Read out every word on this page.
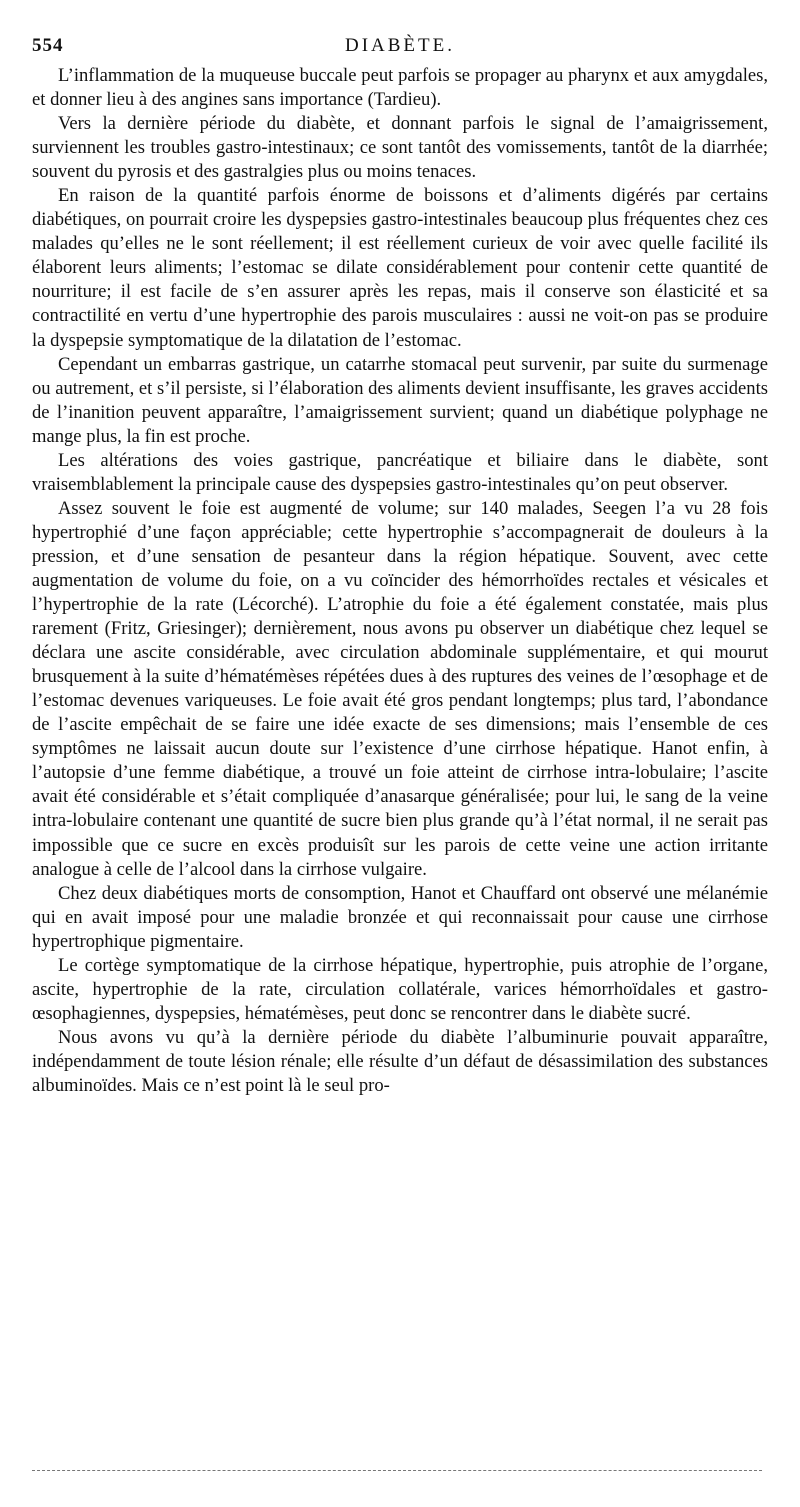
554	DIABÈTE.

L’inflammation de la muqueuse buccale peut parfois se propager au pharynx et aux amygdales, et donner lieu à des angines sans importance (Tardieu).

Vers la dernière période du diabète, et donnant parfois le signal de l’amaigrissement, surviennent les troubles gastro-intestinaux; ce sont tantôt des vomissements, tantôt de la diarrhée; souvent du pyrosis et des gastralgies plus ou moins tenaces.

En raison de la quantité parfois énorme de boissons et d’aliments digérés par certains diabétiques, on pourrait croire les dyspepsies gastro-intestinales beaucoup plus fréquentes chez ces malades qu’elles ne le sont réellement; il est réellement curieux de voir avec quelle facilité ils élaborent leurs aliments; l’estomac se dilate considérablement pour contenir cette quantité de nourriture; il est facile de s’en assurer après les repas, mais il conserve son élasticité et sa contractilité en vertu d’une hypertrophie des parois musculaires : aussi ne voit-on pas se produire la dyspepsie symptomatique de la dilatation de l’estomac.

Cependant un embarras gastrique, un catarrhe stomacal peut survenir, par suite du surmenage ou autrement, et s’il persiste, si l’élaboration des aliments devient insuffisante, les graves accidents de l’inanition peuvent apparaître, l’amaigrissement survient; quand un diabétique polyphage ne mange plus, la fin est proche.

Les altérations des voies gastrique, pancréatique et biliaire dans le diabète, sont vraisemblablement la principale cause des dyspepsies gastro-intestinales qu’on peut observer.

Assez souvent le foie est augmenté de volume; sur 140 malades, Seegen l’a vu 28 fois hypertrophié d’une façon appréciable; cette hypertrophie s’accompagnerait de douleurs à la pression, et d’une sensation de pesanteur dans la région hépatique. Souvent, avec cette augmentation de volume du foie, on a vu coïncider des hémorrhoïdes rectales et vésicales et l’hypertrophie de la rate (Lécorché). L’atrophie du foie a été également constatée, mais plus rarement (Fritz, Griesinger); dernièrement, nous avons pu observer un diabétique chez lequel se déclara une ascite considérable, avec circulation abdominale supplémentaire, et qui mourut brusquement à la suite d’hématémèses répétées dues à des ruptures des veines de l’œsophage et de l’estomac devenues variqueuses. Le foie avait été gros pendant longtemps; plus tard, l’abondance de l’ascite empêchait de se faire une idée exacte de ses dimensions; mais l’ensemble de ces symptômes ne laissait aucun doute sur l’existence d’une cirrhose hépatique. Hanot enfin, à l’autopsie d’une femme diabétique, a trouvé un foie atteint de cirrhose intra-lobulaire; l’ascite avait été considérable et s’était compliquée d’anasarque généralisée; pour lui, le sang de la veine intra-lobulaire contenant une quantité de sucre bien plus grande qu’à l’état normal, il ne serait pas impossible que ce sucre en excès produisît sur les parois de cette veine une action irritante analogue à celle de l’alcool dans la cirrhose vulgaire.

Chez deux diabétiques morts de consomption, Hanot et Chauffard ont observé une mélanémie qui en avait imposé pour une maladie bronzée et qui reconnaissait pour cause une cirrhose hypertrophique pigmentaire.

Le cortège symptomatique de la cirrhose hépatique, hypertrophie, puis atrophie de l’organe, ascite, hypertrophie de la rate, circulation collatérale, varices hémorrhoïdales et gastro-œsophagiennes, dyspepsies, hématémèses, peut donc se rencontrer dans le diabète sucré.

Nous avons vu qu’à la dernière période du diabète l’albuminurie pouvait apparaître, indépendamment de toute lésion rénale; elle résulte d’un défaut de désassimilation des substances albuminoïdes. Mais ce n’est point là le seul pro-
